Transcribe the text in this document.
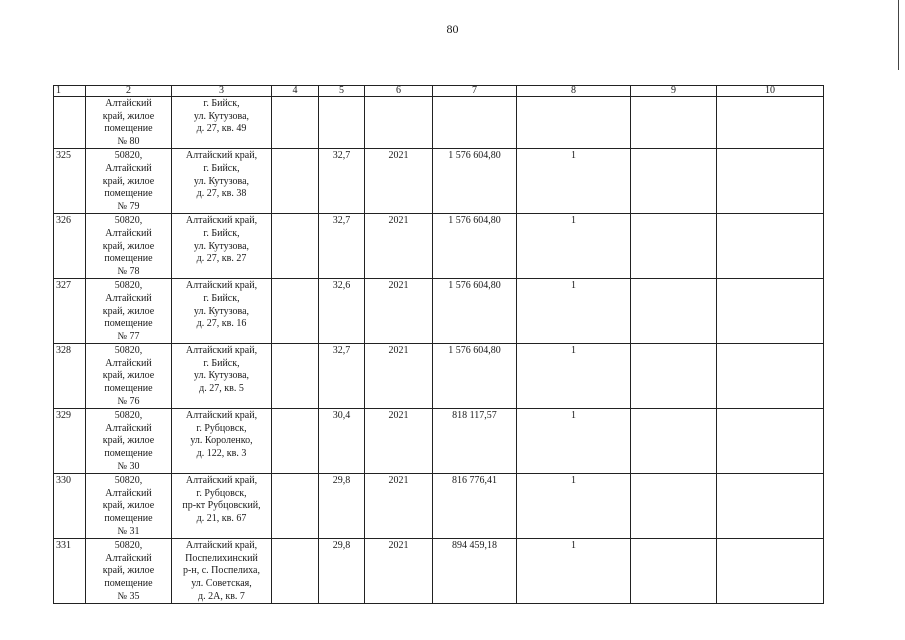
80
1	2	3	4	5	6	7	8	9	10

	Алтайский
край, жилое
помещение
№ 80	г. Бийск,
ул. Кутузова,
д. 27, кв. 49							

325	50820,
Алтайский
край, жилое
помещение
№ 79	Алтайский край,
г. Бийск,
ул. Кутузова,
д. 27, кв. 38		32,7	2021	1 576 604,80	1		
326	50820,
Алтайский
край, жилое
помещение
№ 78	Алтайский край,
г. Бийск,
ул. Кутузова,
д. 27, кв. 27		32,7	2021	1 576 604,80	1		
327	50820,
Алтайский
край, жилое
помещение
№ 77	Алтайский край,
г. Бийск,
ул. Кутузова,
д. 27, кв. 16		32,6	2021	1 576 604,80	1		
328	50820,
Алтайский
край, жилое
помещение
№ 76	Алтайский край,
г. Бийск,
ул. Кутузова,
д. 27, кв. 5		32,7	2021	1 576 604,80	1		
329	50820,
Алтайский
край, жилое
помещение
№ 30	Алтайский край,
г. Рубцовск,
ул. Короленко,
д. 122, кв. 3		30,4	2021	818 117,57	1		
330	50820,
Алтайский
край, жилое
помещение
№ 31	Алтайский край,
г. Рубцовск,
пр-кт Рубцовский,
д. 21, кв. 67		29,8	2021	816 776,41	1		
331	50820,
Алтайский
край, жилое
помещение
№ 35	Алтайский край,
Поспелихинский
р-н, с. Поспелиха,
ул. Советская,
д. 2А, кв. 7		29,8	2021	894 459,18	1		
